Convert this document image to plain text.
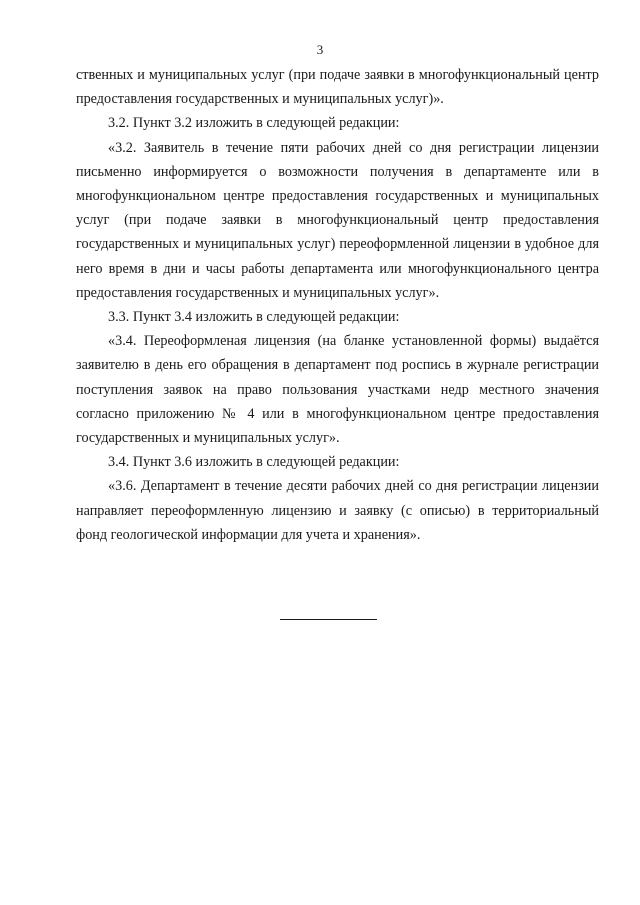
3

ственных и муниципальных услуг (при подаче заявки в многофункциональный центр предоставления государственных и муниципальных услуг)».

3.2. Пункт 3.2 изложить в следующей редакции:

«3.2. Заявитель в течение пяти рабочих дней со дня регистрации лицензии письменно информируется о возможности получения в департаменте или в многофункциональном центре предоставления государственных и муниципальных услуг (при подаче заявки в многофункциональный центр предоставления государственных и муниципальных услуг) переоформленной лицензии в удобное для него время в дни и часы работы департамента или многофункционального центра предоставления государственных и муниципальных услуг».

3.3. Пункт 3.4 изложить в следующей редакции:

«3.4. Переоформленая лицензия (на бланке установленной формы) выдаётся заявителю в день его обращения в департамент под роспись в журнале регистрации поступления заявок на право пользования участками недр местного значения согласно приложению № 4 или в многофункциональном центре предоставления государственных и муниципальных услуг».

3.4. Пункт 3.6 изложить в следующей редакции:

«3.6. Департамент в течение десяти рабочих дней со дня регистрации лицензии направляет переоформленную лицензию и заявку (с описью) в территориальный фонд геологической информации для учета и хранения».
